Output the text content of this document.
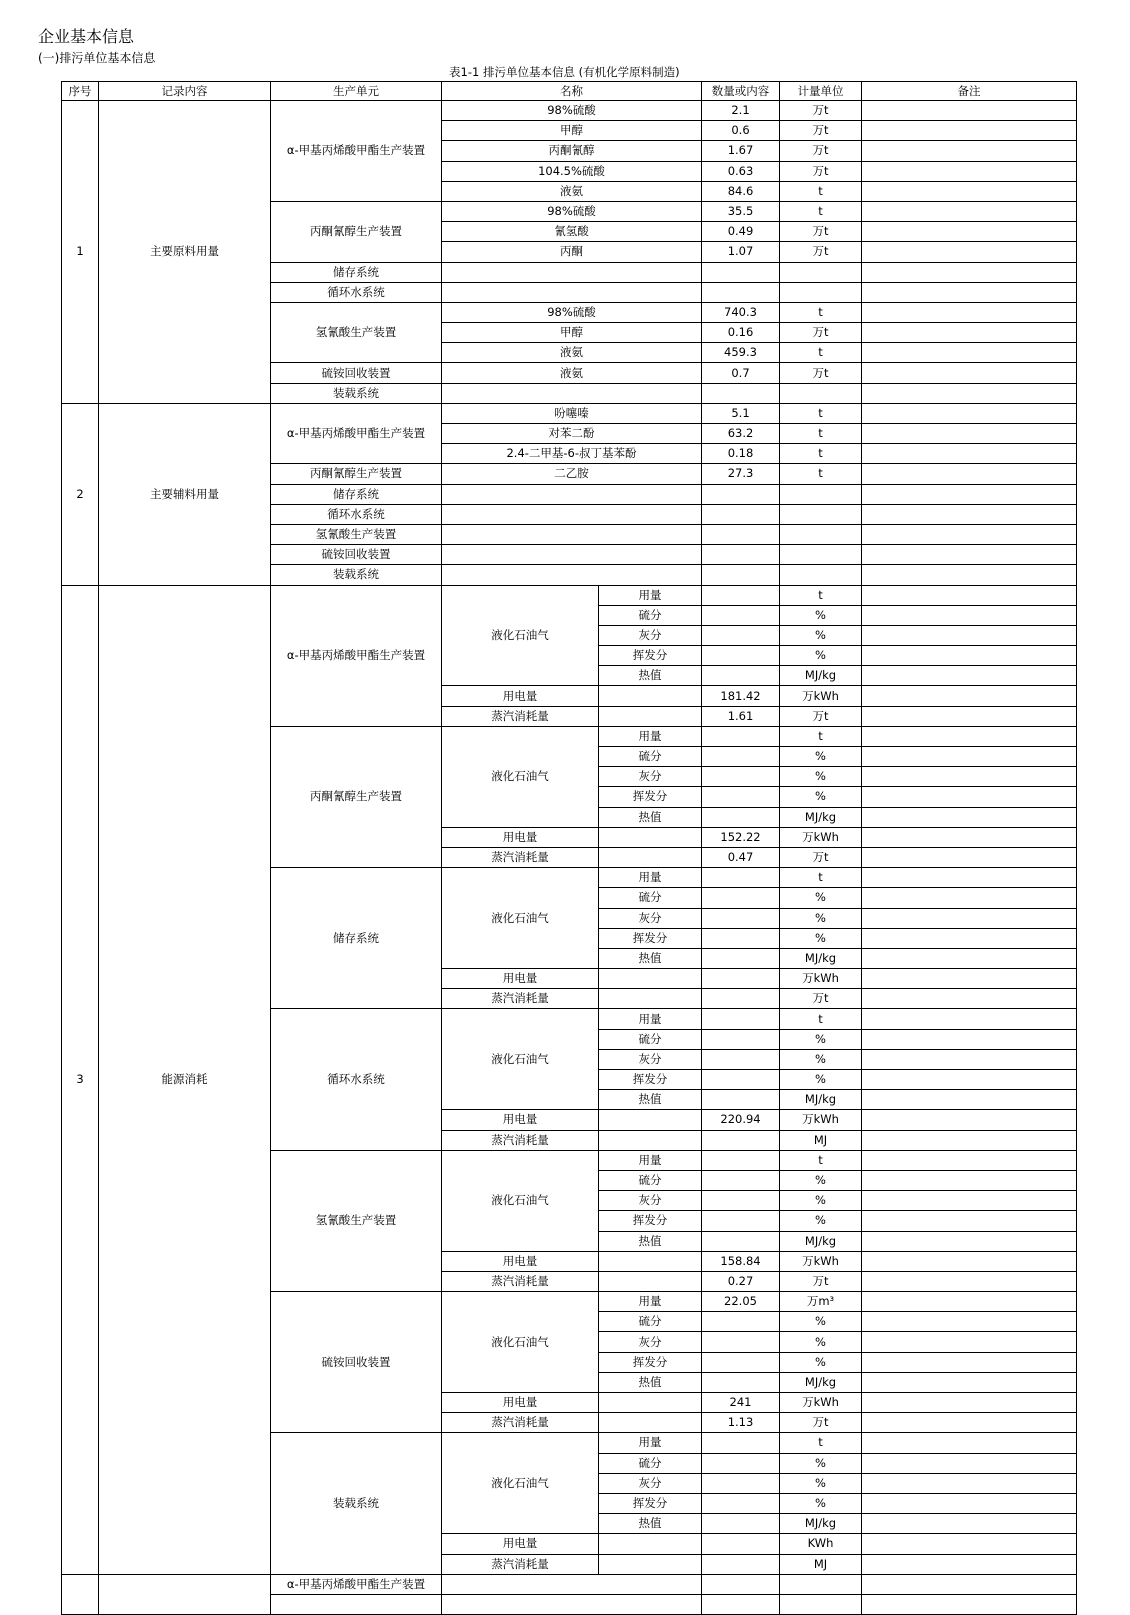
企业基本信息
(一)排污单位基本信息
表1-1 排污单位基本信息 (有机化学原料制造)
序号	记录内容	生产单元	名称		数量或内容	计量单位	备注
1	主要原料用量	α-甲基丙烯酸甲酯生产装置	98%硫酸		2.1	万t	
			甲醇		0.6	万t	
			丙酮氰醇		1.67	万t	
			104.5%硫酸		0.63	万t	
			液氨		84.6	t	
		丙酮氰醇生产装置	98%硫酸		35.5	t	
			氰氢酸		0.49	万t	
			丙酮		1.07	万t	
		储存系统					
		循环水系统					
		氢氰酸生产装置	98%硫酸		740.3	t	
			甲醇		0.16	万t	
			液氨		459.3	t	
		硫铵回收装置	液氨		0.7	万t	
		装载系统					
2	主要辅料用量	α-甲基丙烯酸甲酯生产装置	吩噻嗪		5.1	t	
			对苯二酚		63.2	t	
			2.4-二甲基-6-叔丁基苯酚		0.18	t	
		丙酮氰醇生产装置	二乙胺		27.3	t	
		储存系统					
		循环水系统					
		氢氰酸生产装置					
		硫铵回收装置					
		装载系统					
3	能源消耗	α-甲基丙烯酸甲酯生产装置	液化石油气	用量		t	
				硫分		%	
				灰分		%	
				挥发分		%	
				热值		MJ/kg	
			用电量		181.42	万kWh	
			蒸汽消耗量		1.61	万t	
		丙酮氰醇生产装置	液化石油气	用量		t	
				硫分		%	
				灰分		%	
				挥发分		%	
				热值		MJ/kg	
			用电量		152.22	万kWh	
			蒸汽消耗量		0.47	万t	
		储存系统	液化石油气	用量		t	
				硫分		%	
				灰分		%	
				挥发分		%	
				热值		MJ/kg	
			用电量			万kWh	
			蒸汽消耗量			万t	
		循环水系统	液化石油气	用量		t	
				硫分		%	
				灰分		%	
				挥发分		%	
				热值		MJ/kg	
			用电量		220.94	万kWh	
			蒸汽消耗量			MJ	
		氢氰酸生产装置	液化石油气	用量		t	
				硫分		%	
				灰分		%	
				挥发分		%	
				热值		MJ/kg	
			用电量		158.84	万kWh	
			蒸汽消耗量		0.27	万t	
		硫铵回收装置	液化石油气	用量	22.05	万m³	
				硫分		%	
				灰分		%	
				挥发分		%	
				热值		MJ/kg	
			用电量		241	万kWh	
			蒸汽消耗量		1.13	万t	
		装载系统	液化石油气	用量		t	
				硫分		%	
				灰分		%	
				挥发分		%	
				热值		MJ/kg	
			用电量			KWh	
			蒸汽消耗量			MJ	
		α-甲基丙烯酸甲酯生产装置					
